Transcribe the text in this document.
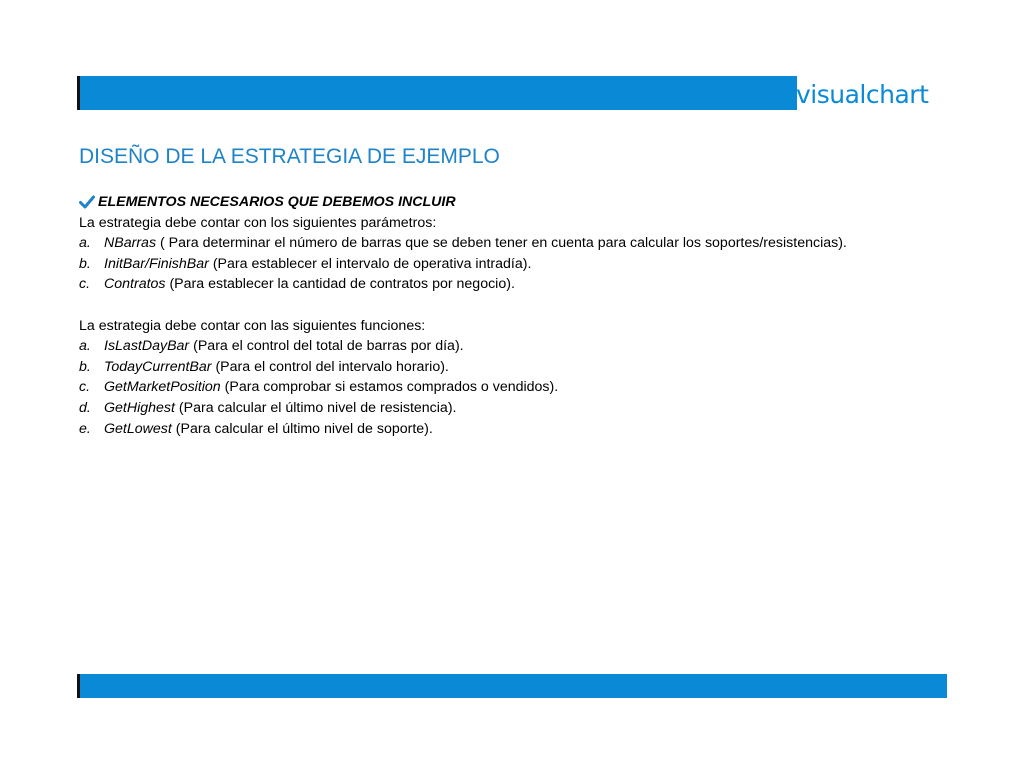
visualchart
DISEÑO DE LA ESTRATEGIA DE EJEMPLO
ELEMENTOS NECESARIOS QUE DEBEMOS INCLUIR
La estrategia debe contar con los siguientes parámetros:
a. NBarras ( Para determinar el número de barras que se deben tener en cuenta para calcular los soportes/resistencias).
b. InitBar/FinishBar (Para establecer el intervalo de operativa intradía).
c. Contratos (Para establecer la cantidad de contratos por negocio).
La estrategia debe contar con las siguientes funciones:
a. IsLastDayBar (Para el control del total de barras por día).
b. TodayCurrentBar (Para el control del intervalo horario).
c. GetMarketPosition (Para comprobar si estamos comprados o vendidos).
d. GetHighest (Para calcular el último nivel de resistencia).
e. GetLowest (Para calcular el último nivel de soporte).
